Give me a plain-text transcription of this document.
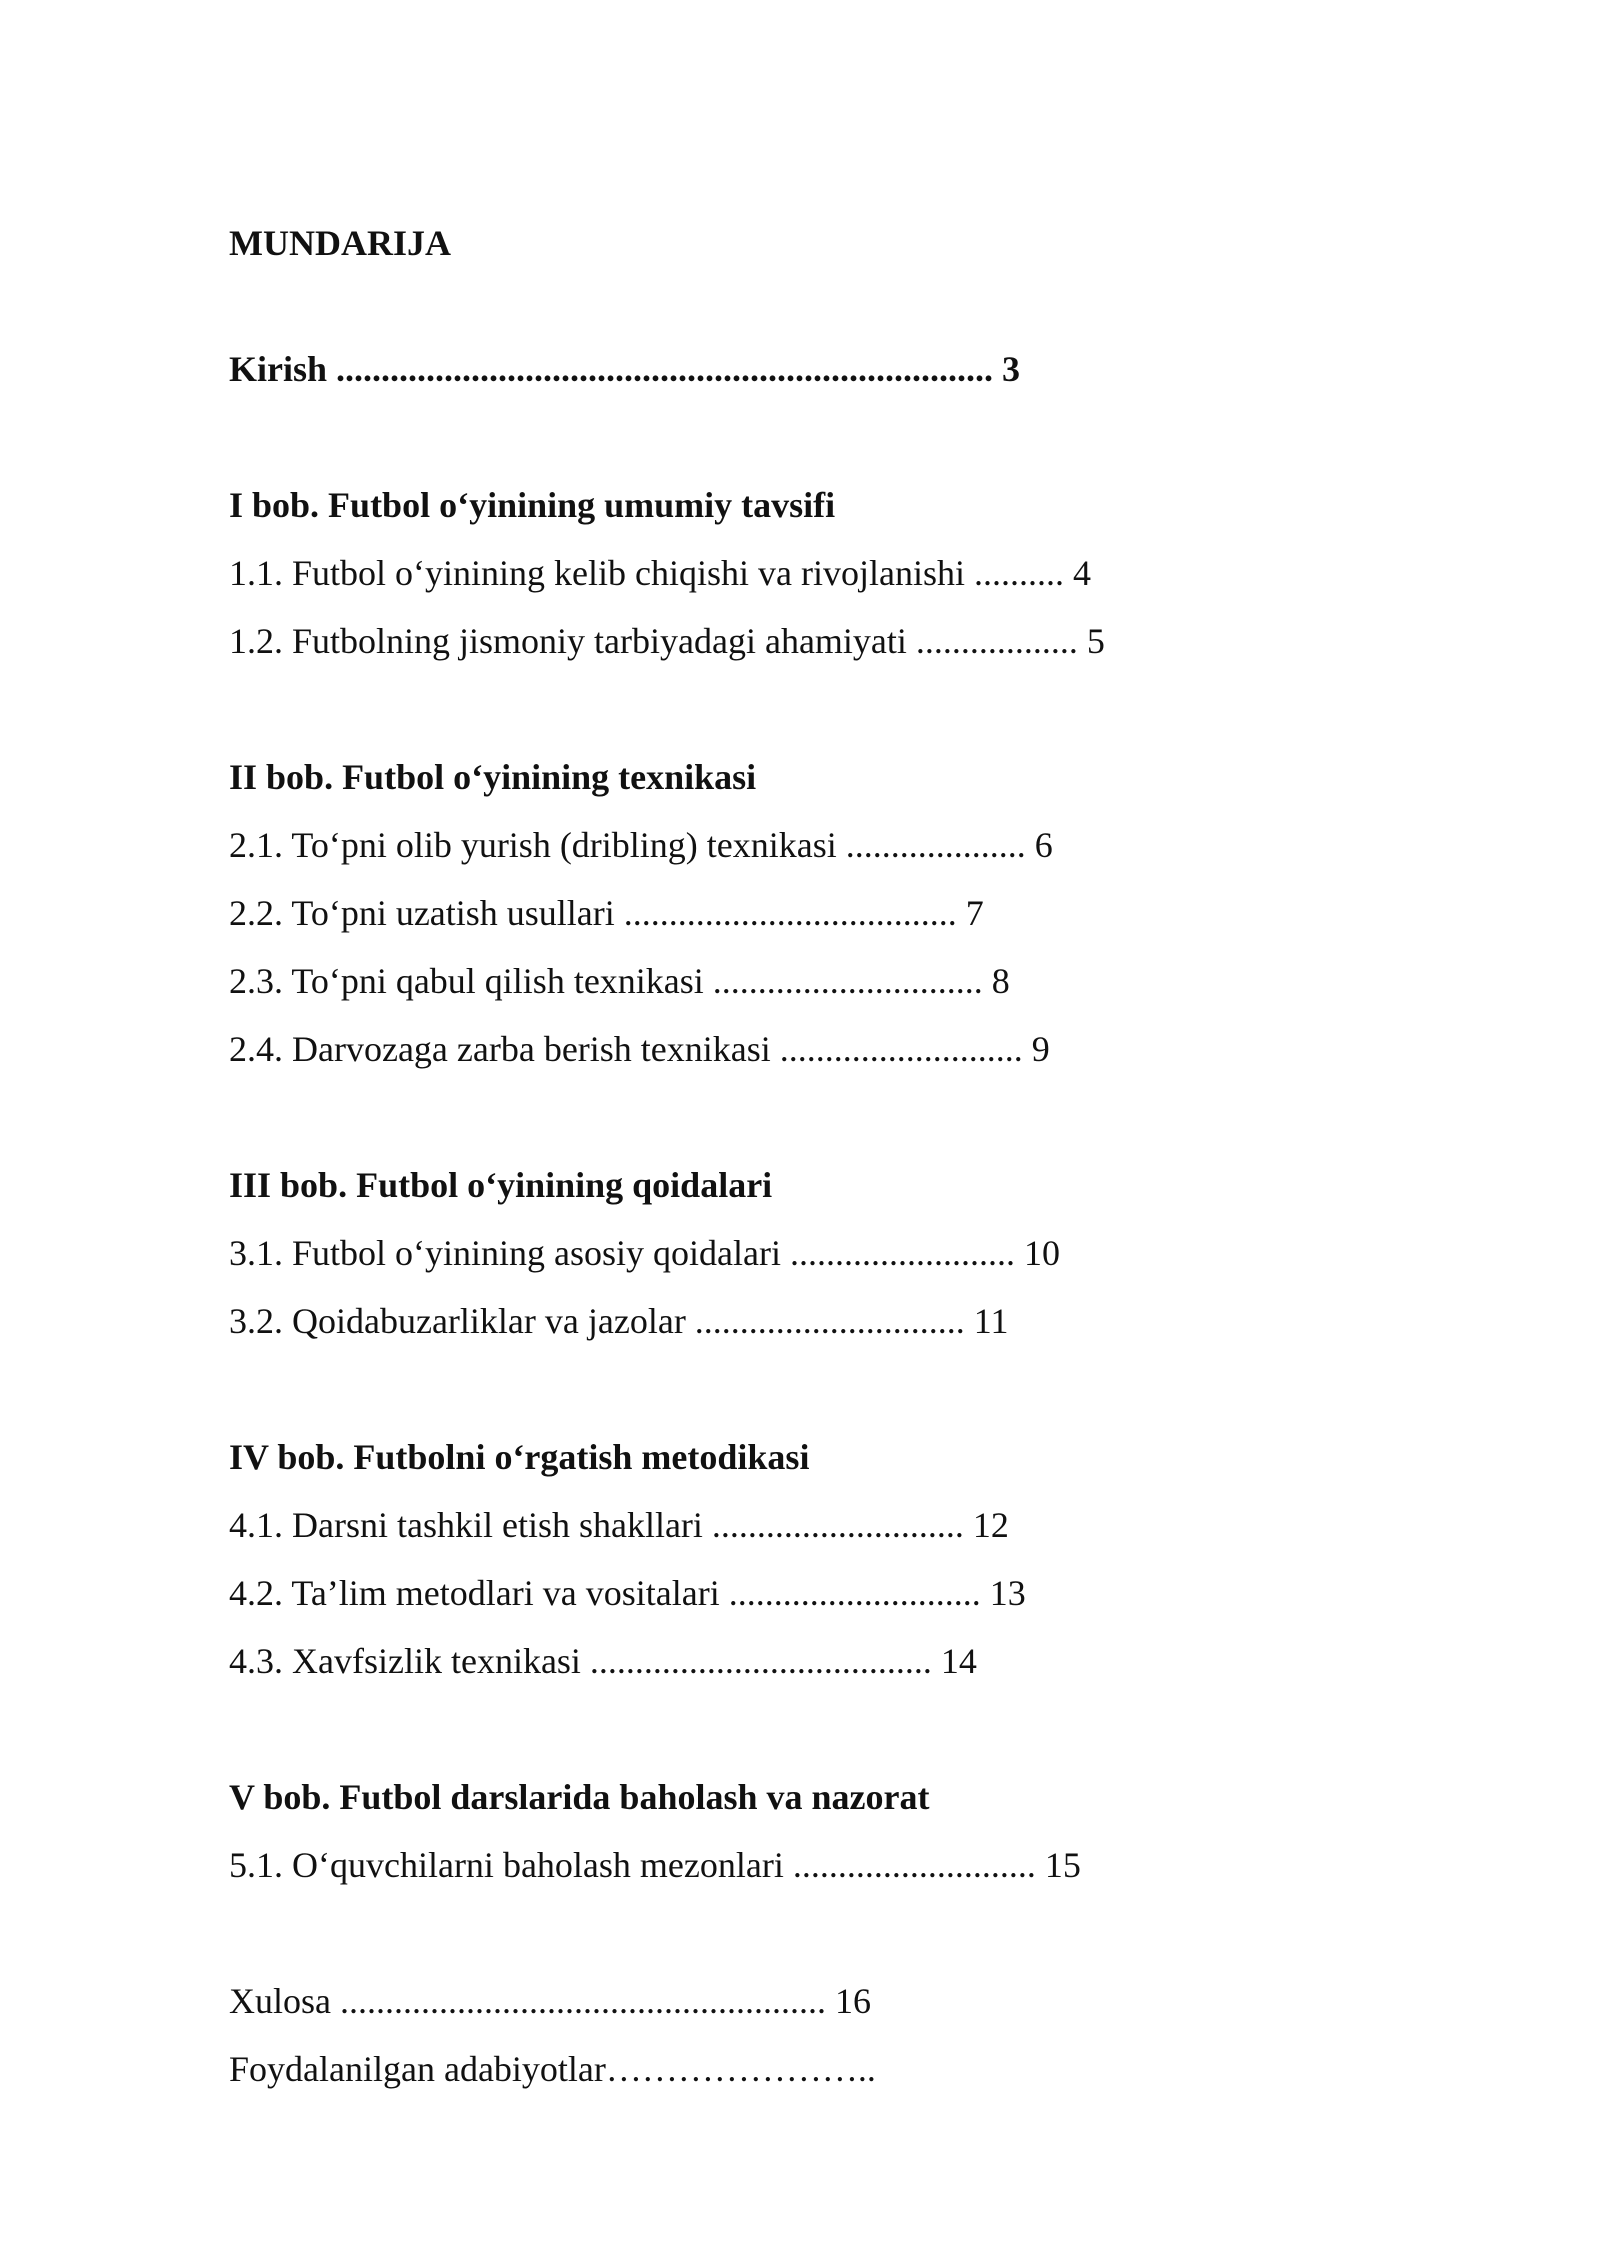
MUNDARIJA
Kirish ......................................................................... 3
I bob. Futbol o‘yinining umumiy tavsifi
1.1. Futbol o‘yinining kelib chiqishi va rivojlanishi .......... 4
1.2. Futbolning jismoniy tarbiyadagi ahamiyati .................. 5
II bob. Futbol o‘yinining texnikasi
2.1. To‘pni olib yurish (dribling) texnikasi .................... 6
2.2. To‘pni uzatish usullari ..................................... 7
2.3. To‘pni qabul qilish texnikasi .............................. 8
2.4. Darvozaga zarba berish texnikasi ........................... 9
III bob. Futbol o‘yinining qoidalari
3.1. Futbol o‘yinining asosiy qoidalari ......................... 10
3.2. Qoidabuzarliklar va jazolar .............................. 11
IV bob. Futbolni o‘rgatish metodikasi
4.1. Darsni tashkil etish shakllari ............................ 12
4.2. Ta’lim metodlari va vositalari ............................ 13
4.3. Xavfsizlik texnikasi ...................................... 14
V bob. Futbol darslarida baholash va nazorat
5.1. O‘quvchilarni baholash mezonlari ........................... 15
Xulosa ...................................................... 16
Foydalanilgan adabiyotlar…………………..
